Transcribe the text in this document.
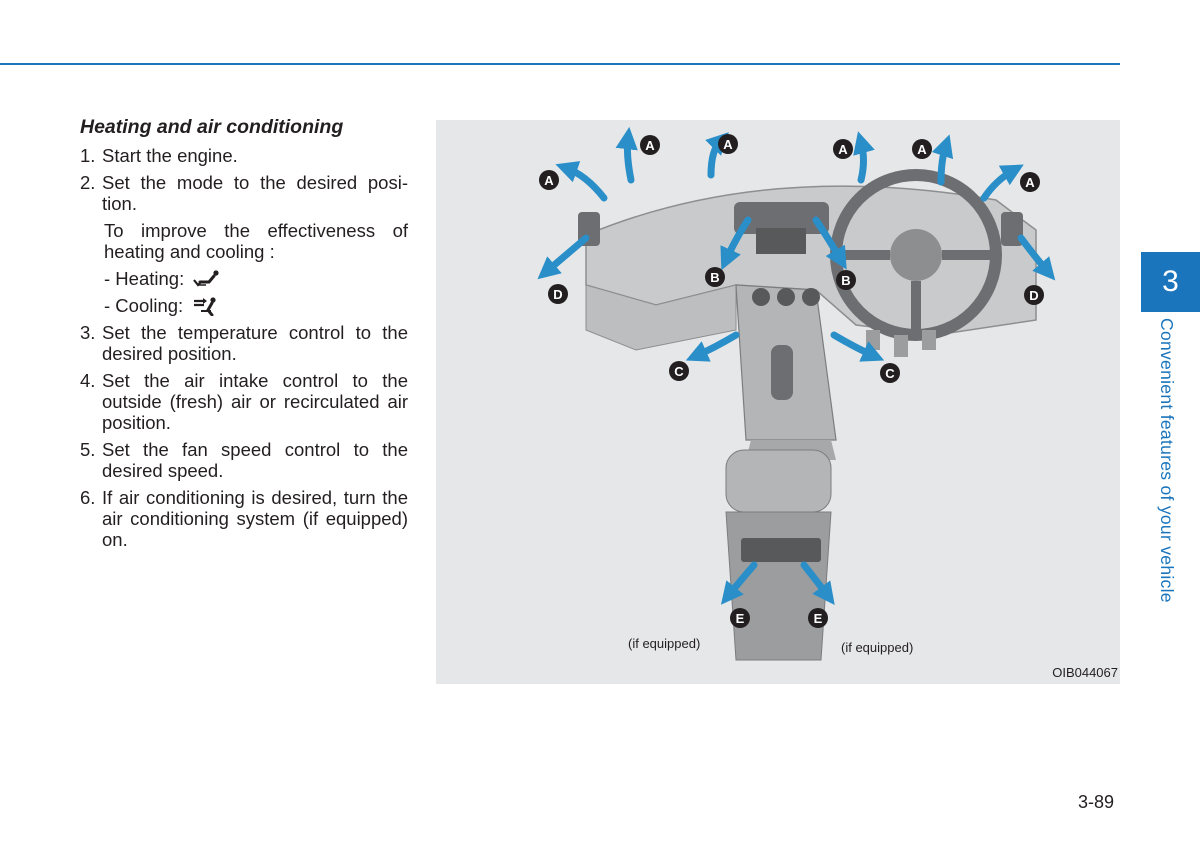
Heating and air conditioning
1. Start the engine.
2. Set the mode to the desired posi-tion.
To improve the effectiveness of heating and cooling :
- Heating:
- Cooling:
3. Set the temperature control to the desired position.
4. Set the air intake control to the outside (fresh) air or recirculated air position.
5. Set the fan speed control to the desired speed.
6. If air conditioning is desired, turn the air conditioning system (if equipped) on.
A
A	A	A	A
A
B	B
C	C
D	D
E	E
(if equipped)	(if equipped)
OIB044067
3
Convenient features of your vehicle
3-89
